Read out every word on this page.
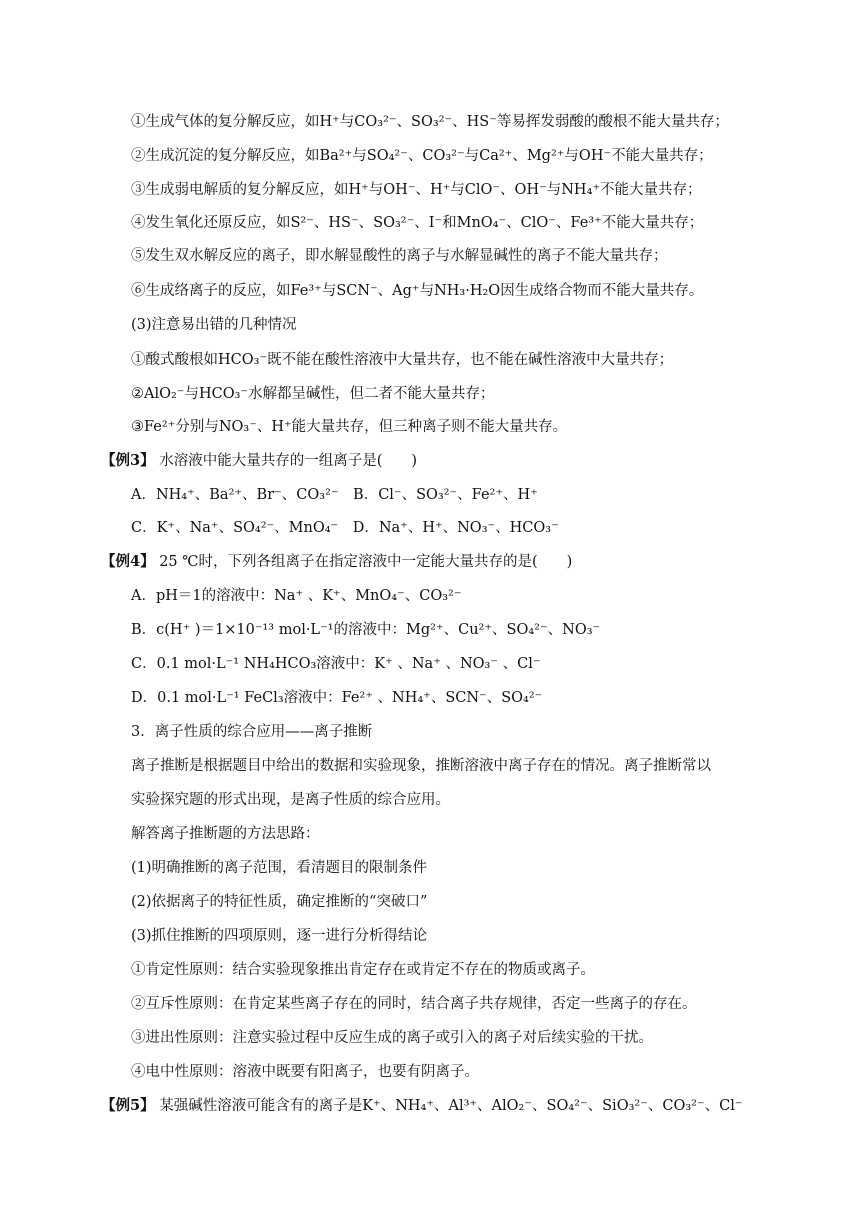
①生成气体的复分解反应，如H⁺与CO₃²⁻、SO₃²⁻、HS⁻等易挥发弱酸的酸根不能大量共存；
②生成沉淀的复分解反应，如Ba²⁺与SO₄²⁻、CO₃²⁻与Ca²⁺、Mg²⁺与OH⁻不能大量共存；
③生成弱电解质的复分解反应，如H⁺与OH⁻、H⁺与ClO⁻、OH⁻与NH₄⁺不能大量共存；
④发生氧化还原反应，如S²⁻、HS⁻、SO₃²⁻、I⁻和MnO₄⁻、ClO⁻、Fe³⁺不能大量共存；
⑤发生双水解反应的离子，即水解显酸性的离子与水解显碱性的离子不能大量共存；
⑥生成络离子的反应，如Fe³⁺与SCN⁻、Ag⁺与NH₃·H₂O因生成络合物而不能大量共存。
(3)注意易出错的几种情况
①酸式酸根如HCO₃⁻既不能在酸性溶液中大量共存，也不能在碱性溶液中大量共存；
②AlO₂⁻与HCO₃⁻水解都呈碱性，但二者不能大量共存；
③Fe²⁺分别与NO₃⁻、H⁺能大量共存，但三种离子则不能大量共存。
【例3】 水溶液中能大量共存的一组离子是(　　)
A．NH₄⁺、Ba²⁺、Br⁻、CO₃²⁻　B．Cl⁻、SO₃²⁻、Fe²⁺、H⁺
C．K⁺、Na⁺、SO₄²⁻、MnO₄⁻　D．Na⁺、H⁺、NO₃⁻、HCO₃⁻
【例4】 25 ℃时，下列各组离子在指定溶液中一定能大量共存的是(　　)
A．pH＝1的溶液中：Na⁺ 、K⁺、MnO₄⁻、CO₃²⁻
B．c(H⁺ )＝1×10⁻¹³ mol·L⁻¹的溶液中：Mg²⁺、Cu²⁺、SO₄²⁻、NO₃⁻
C．0.1 mol·L⁻¹ NH₄HCO₃溶液中：K⁺ 、Na⁺ 、NO₃⁻ 、Cl⁻
D．0.1 mol·L⁻¹ FeCl₃溶液中：Fe²⁺ 、NH₄⁺、SCN⁻、SO₄²⁻
3．离子性质的综合应用——离子推断
离子推断是根据题目中给出的数据和实验现象，推断溶液中离子存在的情况。离子推断常以
实验探究题的形式出现，是离子性质的综合应用。
解答离子推断题的方法思路：
(1)明确推断的离子范围，看清题目的限制条件
(2)依据离子的特征性质，确定推断的“突破口”
(3)抓住推断的四项原则，逐一进行分析得结论
①肯定性原则：结合实验现象推出肯定存在或肯定不存在的物质或离子。
②互斥性原则：在肯定某些离子存在的同时，结合离子共存规律，否定一些离子的存在。
③进出性原则：注意实验过程中反应生成的离子或引入的离子对后续实验的干扰。
④电中性原则：溶液中既要有阳离子，也要有阴离子。
【例5】 某强碱性溶液可能含有的离子是K⁺、NH₄⁺、Al³⁺、AlO₂⁻、SO₄²⁻、SiO₃²⁻、CO₃²⁻、Cl⁻
